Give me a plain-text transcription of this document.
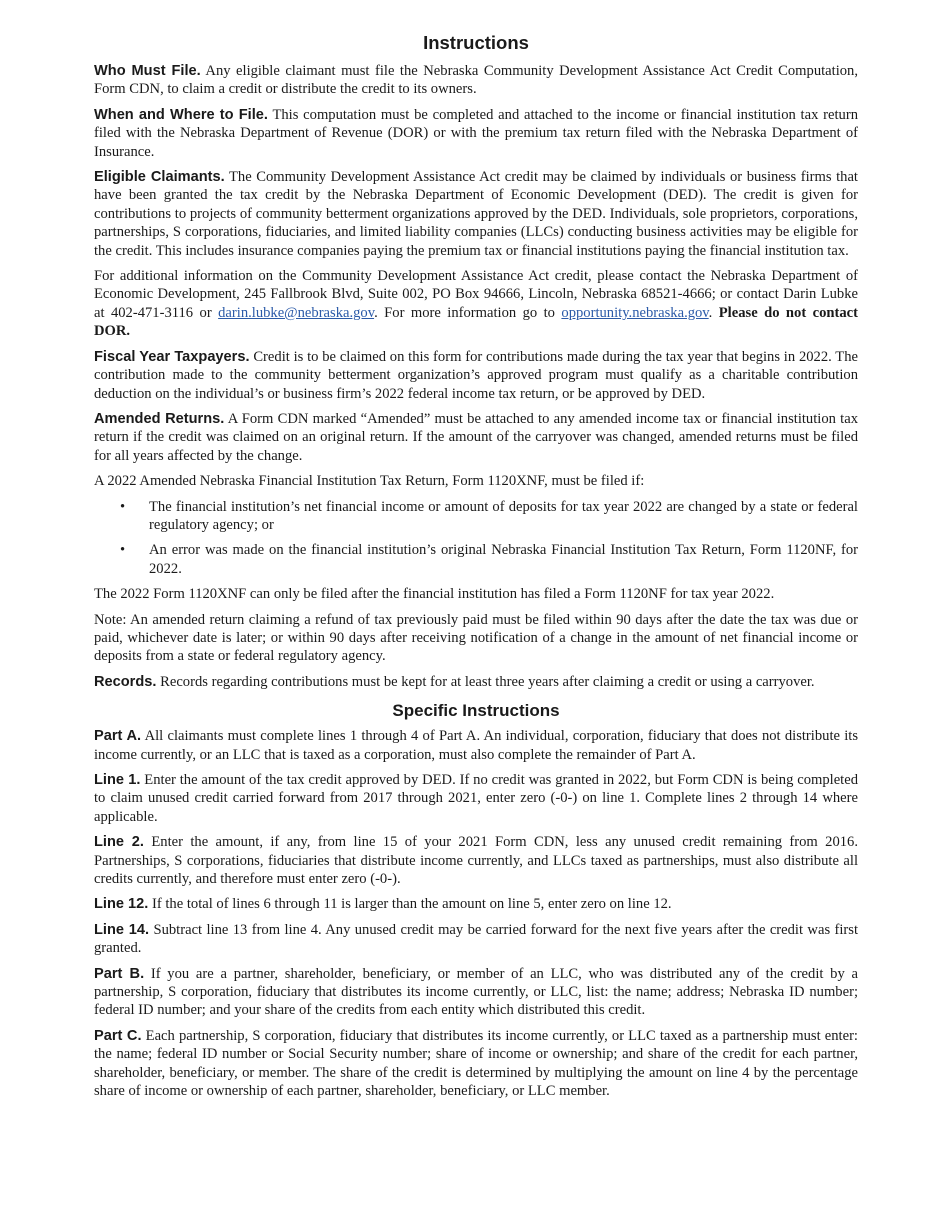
Instructions

Who Must File. Any eligible claimant must file the Nebraska Community Development Assistance Act Credit Computation, Form CDN, to claim a credit or distribute the credit to its owners.

When and Where to File. This computation must be completed and attached to the income or financial institution tax return filed with the Nebraska Department of Revenue (DOR) or with the premium tax return filed with the Nebraska Department of Insurance.

Eligible Claimants. The Community Development Assistance Act credit may be claimed by individuals or business firms that have been granted the tax credit by the Nebraska Department of Economic Development (DED). The credit is given for contributions to projects of community betterment organizations approved by the DED. Individuals, sole proprietors, corporations, partnerships, S corporations, fiduciaries, and limited liability companies (LLCs) conducting business activities may be eligible for the credit. This includes insurance companies paying the premium tax or financial institutions paying the financial institution tax.

For additional information on the Community Development Assistance Act credit, please contact the Nebraska Department of Economic Development, 245 Fallbrook Blvd, Suite 002, PO Box 94666, Lincoln, Nebraska 68521-4666; or contact Darin Lubke at 402-471-3116 or darin.lubke@nebraska.gov. For more information go to opportunity.nebraska.gov. Please do not contact DOR.

Fiscal Year Taxpayers. Credit is to be claimed on this form for contributions made during the tax year that begins in 2022. The contribution made to the community betterment organization’s approved program must qualify as a charitable contribution deduction on the individual’s or business firm’s 2022 federal income tax return, or be approved by DED.

Amended Returns. A Form CDN marked “Amended” must be attached to any amended income tax or financial institution tax return if the credit was claimed on an original return. If the amount of the carryover was changed, amended returns must be filed for all years affected by the change.

A 2022 Amended Nebraska Financial Institution Tax Return, Form 1120XNF, must be filed if:

• The financial institution’s net financial income or amount of deposits for tax year 2022 are changed by a state or federal regulatory agency; or
• An error was made on the financial institution’s original Nebraska Financial Institution Tax Return, Form 1120NF, for 2022.

The 2022 Form 1120XNF can only be filed after the financial institution has filed a Form 1120NF for tax year 2022.

Note: An amended return claiming a refund of tax previously paid must be filed within 90 days after the date the tax was due or paid, whichever date is later; or within 90 days after receiving notification of a change in the amount of net financial income or deposits from a state or federal regulatory agency.

Records. Records regarding contributions must be kept for at least three years after claiming a credit or using a carryover.

Specific Instructions

Part A. All claimants must complete lines 1 through 4 of Part A. An individual, corporation, fiduciary that does not distribute its income currently, or an LLC that is taxed as a corporation, must also complete the remainder of Part A.

Line 1. Enter the amount of the tax credit approved by DED. If no credit was granted in 2022, but Form CDN is being completed to claim unused credit carried forward from 2017 through 2021, enter zero (-0-) on line 1. Complete lines 2 through 14 where applicable.

Line 2. Enter the amount, if any, from line 15 of your 2021 Form CDN, less any unused credit remaining from 2016. Partnerships, S corporations, fiduciaries that distribute income currently, and LLCs taxed as partnerships, must also distribute all credits currently, and therefore must enter zero (-0-).

Line 12. If the total of lines 6 through 11 is larger than the amount on line 5, enter zero on line 12.

Line 14. Subtract line 13 from line 4. Any unused credit may be carried forward for the next five years after the credit was first granted.

Part B. If you are a partner, shareholder, beneficiary, or member of an LLC, who was distributed any of the credit by a partnership, S corporation, fiduciary that distributes its income currently, or LLC, list: the name; address; Nebraska ID number; federal ID number; and your share of the credits from each entity which distributed this credit.

Part C. Each partnership, S corporation, fiduciary that distributes its income currently, or LLC taxed as a partnership must enter: the name; federal ID number or Social Security number; share of income or ownership; and share of the credit for each partner, shareholder, beneficiary, or member. The share of the credit is determined by multiplying the amount on line 4 by the percentage share of income or ownership of each partner, shareholder, beneficiary, or LLC member.
